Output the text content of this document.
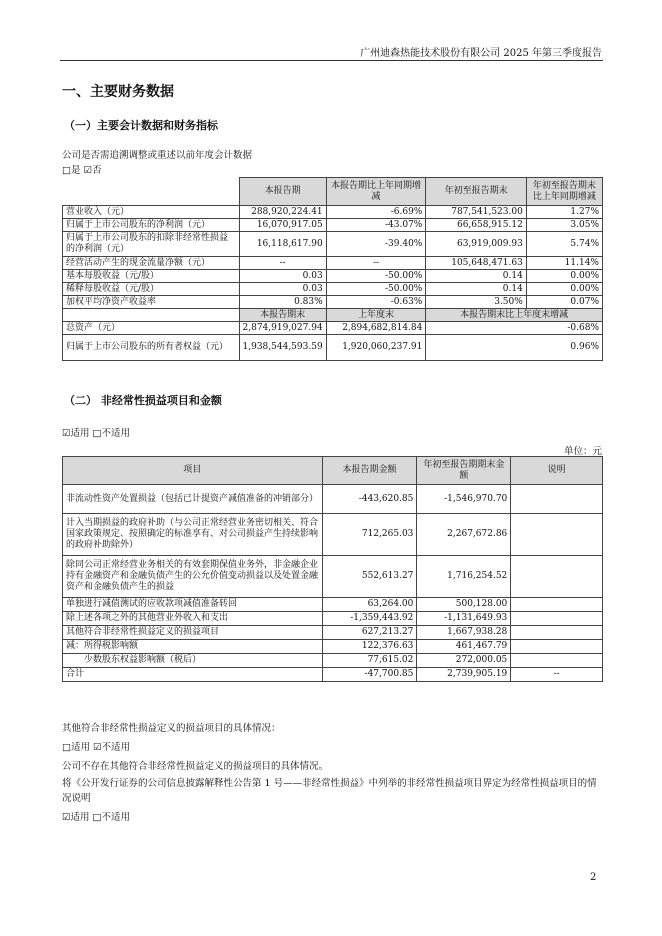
广州迪森热能技术股份有限公司 2025 年第三季度报告
一、主要财务数据
（一）主要会计数据和财务指标
公司是否需追溯调整或重述以前年度会计数据
□是 ☑否
	本报告期	本报告期比上年同期增减	年初至报告期末	年初至报告期末比上年同期增减
营业收入（元）	288,920,224.41	-6.69%	787,541,523.00	1.27%
归属于上市公司股东的净利润（元）	16,070,917.05	-43.07%	66,658,915.12	3.05%
归属于上市公司股东的扣除非经常性损益的净利润（元）	16,118,617.90	-39.40%	63,919,009.93	5.74%
经营活动产生的现金流量净额（元）	--	--	105,648,471.63	11.14%
基本每股收益（元/股）	0.03	-50.00%	0.14	0.00%
稀释每股收益（元/股）	0.03	-50.00%	0.14	0.00%
加权平均净资产收益率	0.83%	-0.63%	3.50%	0.07%
	本报告期末	上年度末	本报告期末比上年度末增减	
总资产（元）	2,874,919,027.94	2,894,682,814.84	-0.68%	
归属于上市公司股东的所有者权益（元）	1,938,544,593.59	1,920,060,237.91	0.96%	
（二） 非经常性损益项目和金额
☑适用 □不适用
单位：元
项目	本报告期金额	年初至报告期期末金额	说明
非流动性资产处置损益（包括已计提资产减值准备的冲销部分）	-443,620.85	-1,546,970.70	
计入当期损益的政府补助（与公司正常经营业务密切相关、符合国家政策规定、按照确定的标准享有、对公司损益产生持续影响的政府补助除外）	712,265.03	2,267,672.86	
除同公司正常经营业务相关的有效套期保值业务外，非金融企业持有金融资产和金融负债产生的公允价值变动损益以及处置金融资产和金融负债产生的损益	552,613.27	1,716,254.52	
单独进行减值测试的应收款项减值准备转回	63,264.00	500,128.00	
除上述各项之外的其他营业外收入和支出	-1,359,443.92	-1,131,649.93	
其他符合非经常性损益定义的损益项目	627,213.27	1,667,938.28	
减：所得税影响额	122,376.63	461,467.79	
　　少数股东权益影响额（税后）	77,615.02	272,000.05	
合计	-47,700.85	2,739,905.19	--
其他符合非经常性损益定义的损益项目的具体情况：
□适用 ☑不适用
公司不存在其他符合非经常性损益定义的损益项目的具体情况。
将《公开发行证券的公司信息披露解释性公告第 1 号——非经常性损益》中列举的非经常性损益项目界定为经常性损益项目的情况说明
☑适用 □不适用
2
